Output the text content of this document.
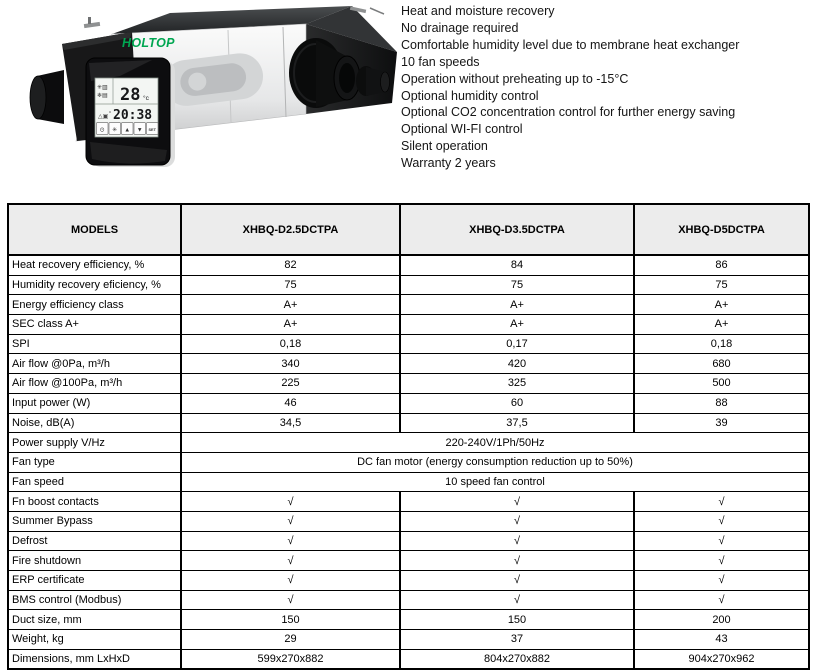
HOLTOP
✳▥
❄▤
△▣
28 °c
° 20:38
⊙ ✳ ▲ ▼ SET
Heat and moisture recovery
No drainage required
Comfortable humidity level due to membrane heat exchanger
10 fan speeds
Operation without preheating up to -15°C
Optional humidity control
Optional CO2 concentration control for further energy saving
Optional WI-FI control
Silent operation
Warranty 2 years
MODELS	XHBQ-D2.5DCTPA	XHBQ-D3.5DCTPA	XHBQ-D5DCTPA
Heat recovery efficiency, %	82	84	86
Humidity recovery eficiency, %	75	75	75
Energy efficiency class	A+	A+	A+
SEC class A+	A+	A+	A+
SPI	0,18	0,17	0,18
Air flow @0Pa, m³/h	340	420	680
Air flow @100Pa, m³/h	225	325	500
Input power (W)	46	60	88
Noise, dB(A)	34,5	37,5	39
Power supply V/Hz	220-240V/1Ph/50Hz		
Fan type	DC fan motor (energy consumption reduction up to 50%)		
Fan speed	10 speed fan control		
Fn boost contacts	√	√	√
Summer Bypass	√	√	√
Defrost	√	√	√
Fire shutdown	√	√	√
ERP certificate	√	√	√
BMS control (Modbus)	√	√	√
Duct size, mm	150	150	200
Weight, kg	29	37	43
Dimensions, mm LxHxD	599x270x882	804x270x882	904x270x962
